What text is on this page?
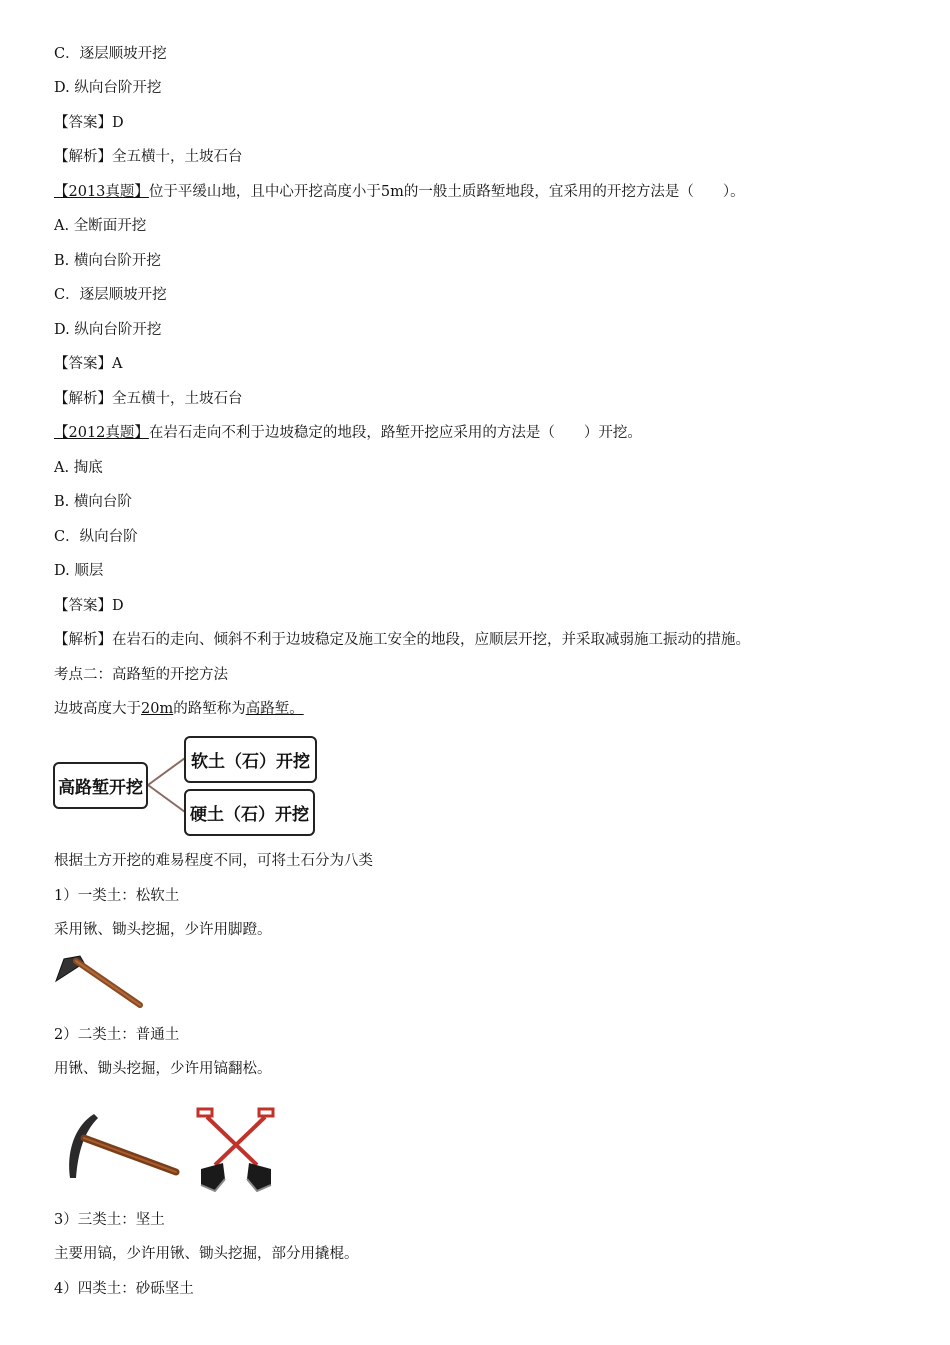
C．逐层顺坡开挖
D. 纵向台阶开挖
【答案】D
【解析】全五横十，土坡石台
【2013真题】位于平缓山地，且中心开挖高度小于5m的一般土质路堑地段，宜采用的开挖方法是（　　）。
A. 全断面开挖
B. 横向台阶开挖
C．逐层顺坡开挖
D. 纵向台阶开挖
【答案】A
【解析】全五横十，土坡石台
【2012真题】在岩石走向不利于边坡稳定的地段，路堑开挖应采用的方法是（　　）开挖。
A. 掏底
B. 横向台阶
C．纵向台阶
D. 顺层
【答案】D
【解析】在岩石的走向、倾斜不利于边坡稳定及施工安全的地段，应顺层开挖，并采取减弱施工振动的措施。
考点二：高路堑的开挖方法
边坡高度大于20m的路堑称为高路堑。
高路堑开挖
软土（石）开挖
硬土（石）开挖
根据土方开挖的难易程度不同，可将土石分为八类
1）一类土：松软土
采用锹、锄头挖掘，少许用脚蹬。
2）二类土：普通土
用锹、锄头挖掘，少许用镐翻松。
3）三类土：坚土
主要用镐，少许用锹、锄头挖掘，部分用撬棍。
4）四类土：砂砾坚土
